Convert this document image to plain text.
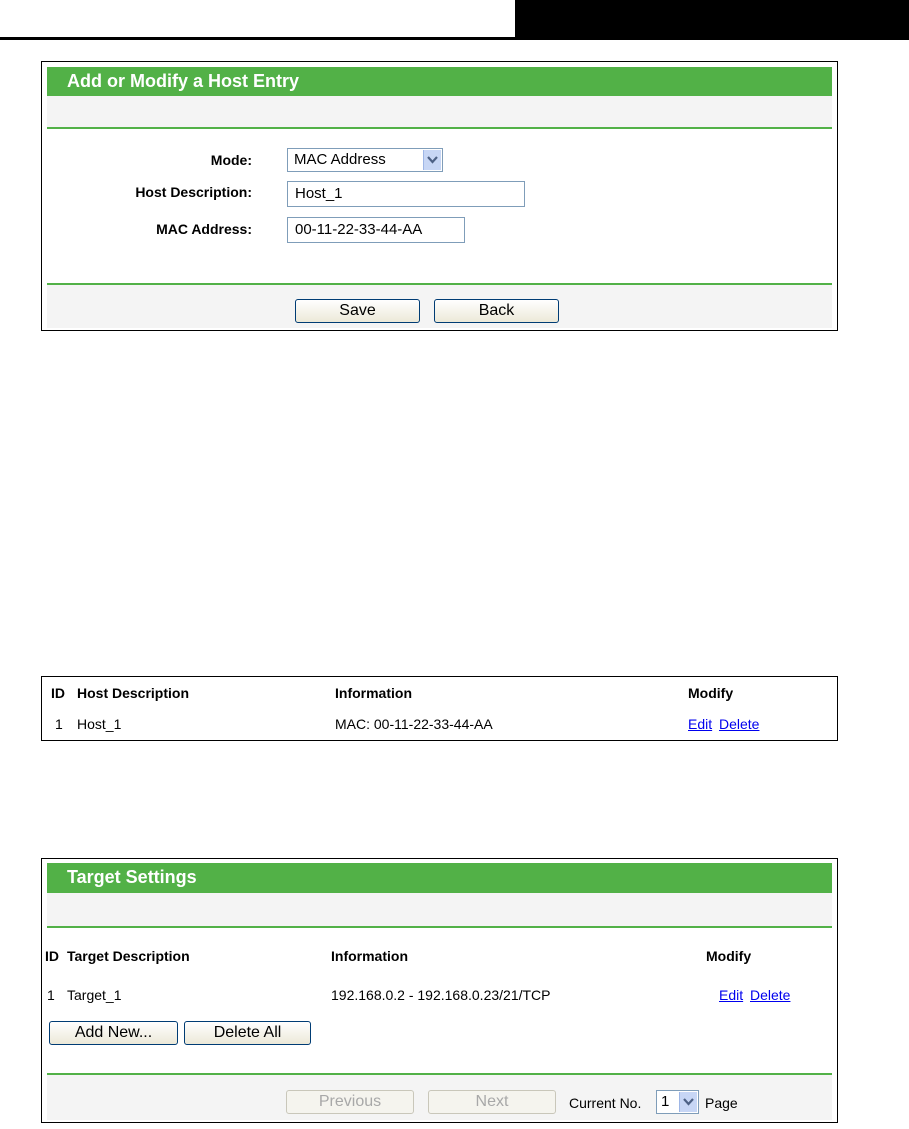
Add or Modify a Host Entry
Mode:	MAC Address
Host Description:	Host_1
MAC Address:	00-11-22-33-44-AA
Save	Back
ID Host Description	Information	Modify
1 Host_1	MAC: 00-11-22-33-44-AA	Edit Delete
Target Settings
ID Target Description	Information	Modify
1 Target_1	192.168.0.2 - 192.168.0.23/21/TCP	Edit Delete
Add New...	Delete All
Previous	Next	Current No.	1	Page
